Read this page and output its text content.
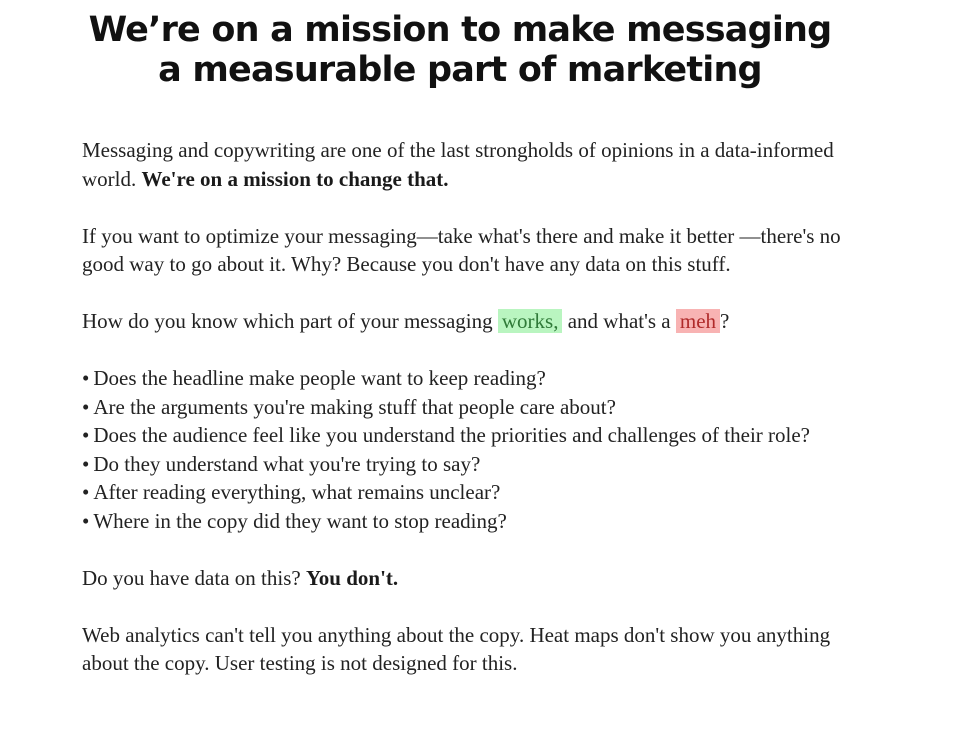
We’re on a mission to make messaging
a measurable part of marketing

Messaging and copywriting are one of the last strongholds of opinions in a data-informed world. We're on a mission to change that.

If you want to optimize your messaging—take what's there and make it better —there's no good way to go about it. Why? Because you don't have any data on this stuff.

How do you know which part of your messaging works, and what's a meh ?

• Does the headline make people want to keep reading?
• Are the arguments you're making stuff that people care about?
• Does the audience feel like you understand the priorities and challenges of their role?
• Do they understand what you're trying to say?
• After reading everything, what remains unclear?
• Where in the copy did they want to stop reading?

Do you have data on this? You don't.

Web analytics can't tell you anything about the copy. Heat maps don't show you anything about the copy. User testing is not designed for this.
